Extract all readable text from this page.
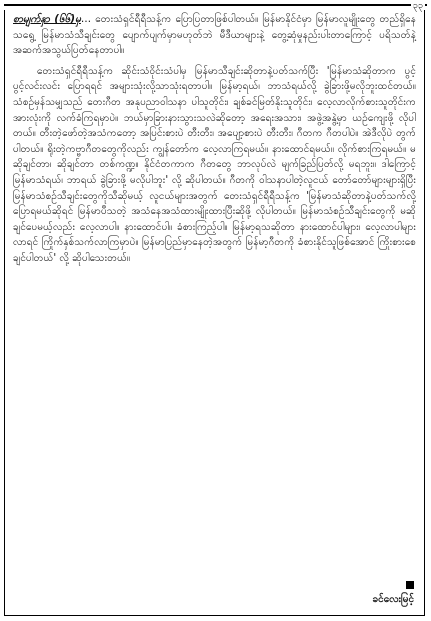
၃၃

စာမျက်နှာ (၆၆)မှ… တေးသံရှင်ရီရီသန့်က ပြောပြတာဖြစ်ပါတယ်။ မြန်မာနိုင်ငံမှာ မြန်မာလူမျိုးတွေ တည်ရှိနေသရွေ့ မြန်မာသံသီချင်းတွေ ပျောက်ပျက်မှာမဟုတ်ဘဲ မီဒီယာများနဲ့ တွေ့ဆုံမှုနည်းပါးတာကြောင့် ပရိသတ်နဲ့ အဆက်အသွယ်ပြတ်နေတာပါ။

တေးသံရှင်ရီရီသန့်က ဆိုင်းသံဝိုင်းသံပါမှ မြန်မာသီချင်းဆိုတာနဲ့ပတ်သက်ပြီး 'မြန်မာသံဆိုတာက ပွင့်ပွင့်လင်းလင်း ပြောရရင် အများသုံးလို့သာသုံးရတာပါ။ မြန်မာ့ရယ်၊ ဘာသံရယ်လို့ ခွဲခြားဖို့မလိုဘူးထင်တယ်။ သံစဉ်မှန်သမျှသည် တေးဂီတ အနုပညာဝါသနာ ပါသူတိုင်း၊ ချစ်ခင်မြတ်နိုးသူတိုင်း၊ လေ့လာလိုက်စားသူတိုင်းက အားလုံးကို လက်ခံကြရမှာပဲ။ ဘယ်မှာခြားနားသွားသလဲဆိုတော့ အရေးအသား၊ အဖွဲ့အနွဲ့မှာ ယဉ်ကျေးဖို့ လိုပါတယ်။ တီးတဲ့ဖော်တဲ့အသံကတော့ အပြင်းစားပဲ တီးတီး၊ အပျော့စားပဲ တီးတီး၊ ဂီတက ဂီတပါပဲ။ အဲဒီလိုပဲ တွက်ပါတယ်။ ရိုးတဲ့ကဗ္ဗာဂီတတွေကိုလည်း ကျွန်တော်က လေ့လာကြရမယ်။ နားထောင်ရမယ်။ လိုက်စားကြရမယ်။ မဆိုချင်တာ၊ ဆိုချင်တာ တစ်ကဏ္ဍ။ နိုင်ငံတကာက ဂီတတွေ ဘာလုပ်လဲ မျက်ခြည်ပြတ်လို့ မရဘူး။ ဒါကြောင့် မြန်မာသံရယ်၊ ဘာရယ် ခွဲခြားဖို့ မလိုပါဘူး' လို့ ဆိုပါတယ်။ ဂီတကို ဝါသနာပါတဲ့လူငယ် တော်တော်များများရှိပြီး မြန်မာသံစဉ်သီချင်းတွေကိုသီဆိုမယ့် လူငယ်များအတွက် တေးသံရှင်ရီရီသန့်က 'မြန်မာသံဆိုတာနဲ့ပတ်သက်လို့ ပြောရမယ်ဆိုရင် မြန်မာပီသတဲ့ အသံနေအသံထားမျိုးထားပြီးဆိုဖို့ လိုပါတယ်။ မြန်မာသံစဉ်သီချင်းတွေကို မဆိုချင်ပေမယ့်လည်း လေ့လာပါ။ နားထောင်ပါ။ ခံစားကြည့်ပါ။ မြန်မာ့ရသဆိုတာ နားထောင်ပါများ၊ လေ့လာပါများလာရင် ကြိုက်နှစ်သက်လာကြမှာပဲ။ မြန်မာပြည်မှာနေတဲ့အတွက် မြန်မာ့ဂီတကို ခံစားနိုင်သူဖြစ်အောင် ကြိုးစားစေချင်ပါတယ်' လို့ ဆိုပါသေးတယ်။

ခင်လေးမြင့်
